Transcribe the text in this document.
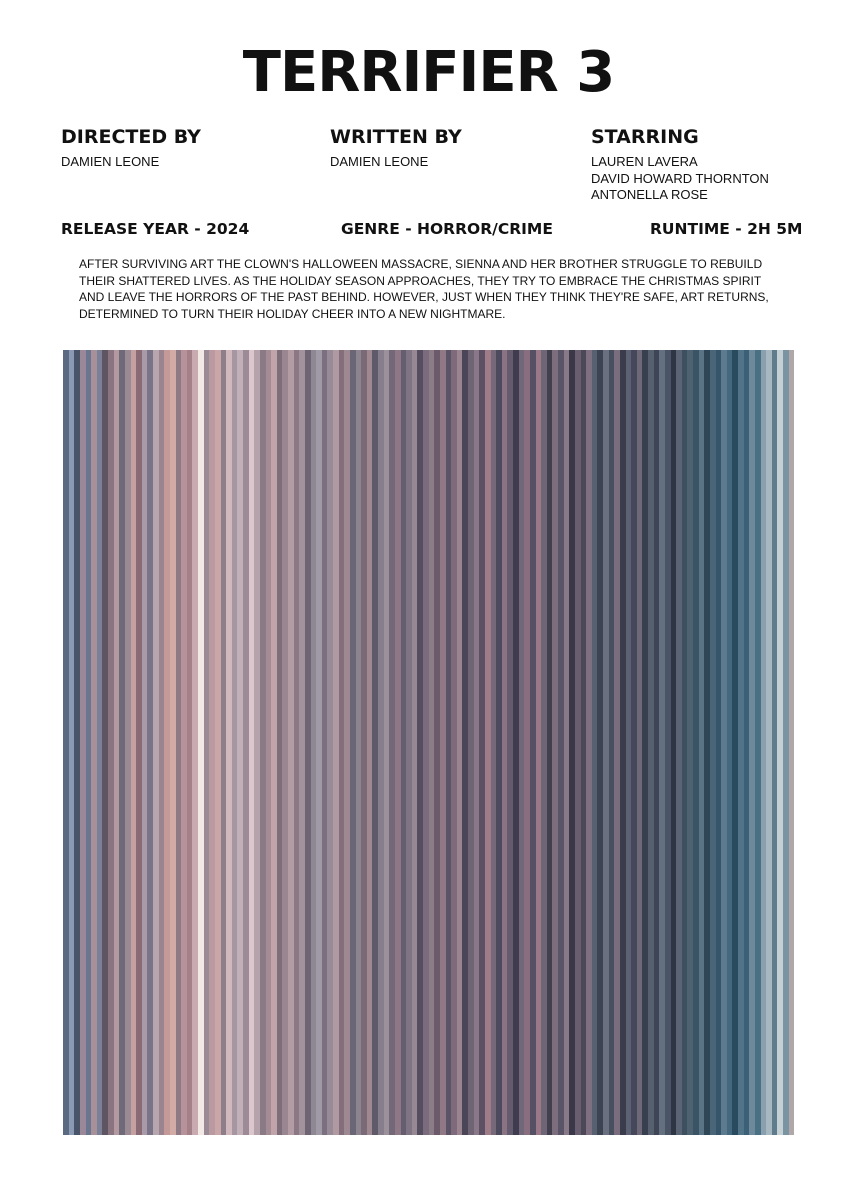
TERRIFIER 3
DIRECTED BY
DAMIEN LEONE
WRITTEN BY
DAMIEN LEONE
STARRING
LAUREN LAVERA
DAVID HOWARD THORNTON
ANTONELLA ROSE
RELEASE YEAR - 2024	GENRE - HORROR/CRIME	RUNTIME - 2H 5M
AFTER SURVIVING ART THE CLOWN'S HALLOWEEN MASSACRE, SIENNA AND HER BROTHER STRUGGLE TO REBUILD THEIR SHATTERED LIVES. AS THE HOLIDAY SEASON APPROACHES, THEY TRY TO EMBRACE THE CHRISTMAS SPIRIT AND LEAVE THE HORRORS OF THE PAST BEHIND. HOWEVER, JUST WHEN THEY THINK THEY'RE SAFE, ART RETURNS, DETERMINED TO TURN THEIR HOLIDAY CHEER INTO A NEW NIGHTMARE.
